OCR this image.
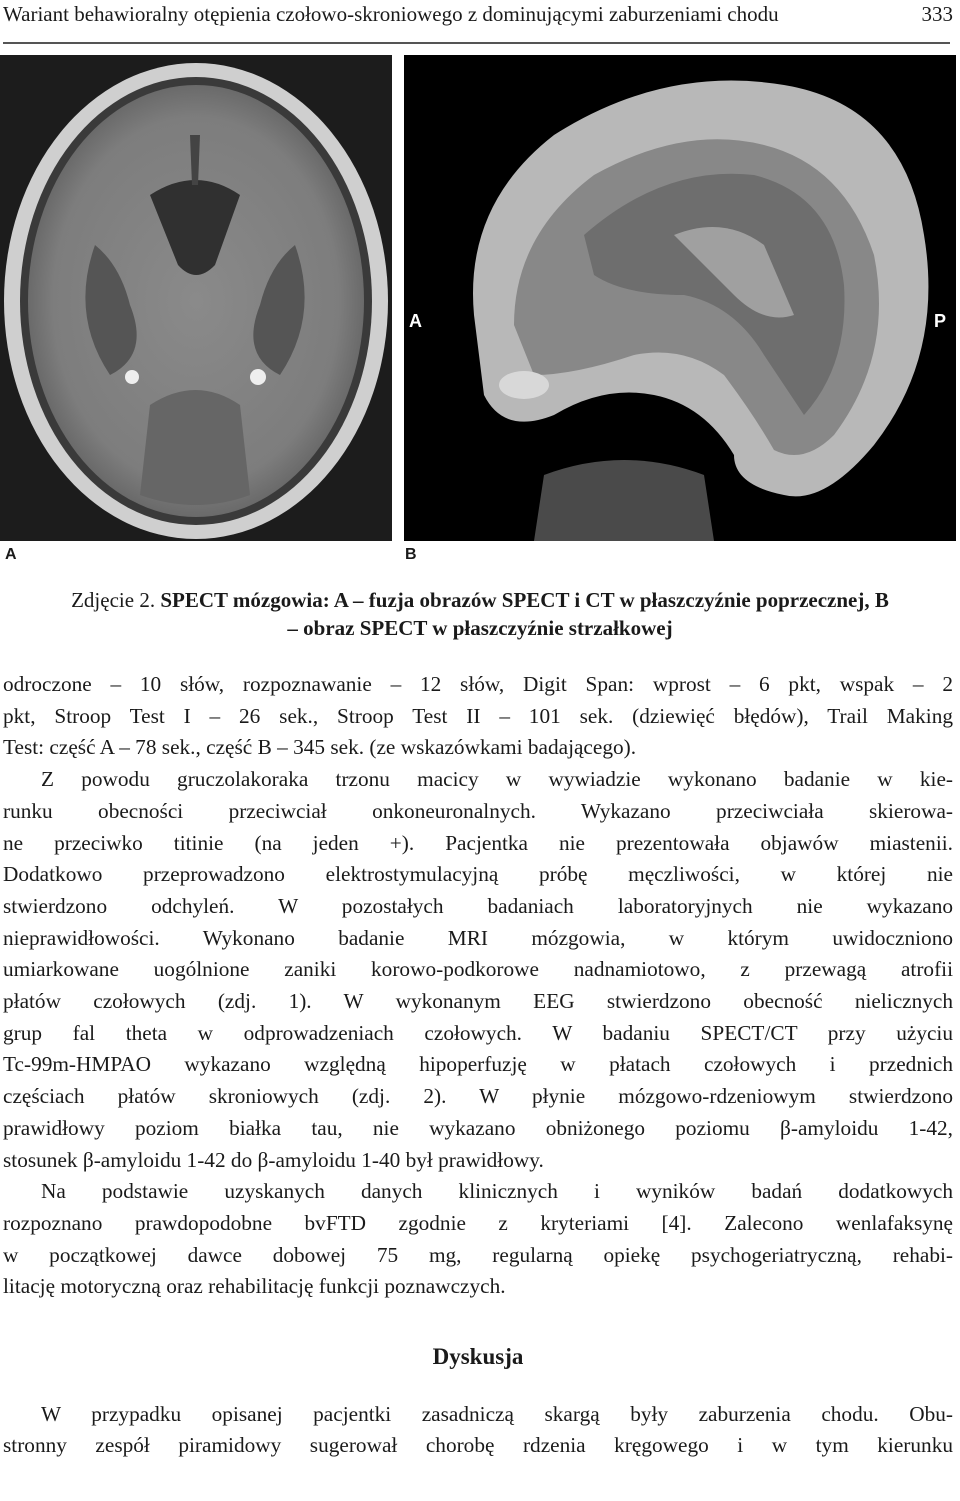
Wariant behawioralny otępienia czołowo-skroniowego z dominującymi zaburzeniami chodu	333
A	P
A	B
Zdjęcie 2. SPECT mózgowia: A – fuzja obrazów SPECT i CT w płaszczyźnie poprzecznej, B
– obraz SPECT w płaszczyźnie strzałkowej
odroczone – 10 słów, rozpoznawanie – 12 słów, Digit Span: wprost – 6 pkt, wspak – 2
pkt, Stroop Test I – 26 sek., Stroop Test II – 101 sek. (dziewięć błędów), Trail Making
Test: część A – 78 sek., część B – 345 sek. (ze wskazówkami badającego).
Z powodu gruczolakoraka trzonu macicy w wywiadzie wykonano badanie w kie-
runku obecności przeciwciał onkoneuronalnych. Wykazano przeciwciała skierowa-
ne przeciwko titinie (na jeden +). Pacjentka nie prezentowała objawów miastenii.
Dodatkowo przeprowadzono elektrostymulacyjną próbę męczliwości, w której nie
stwierdzono odchyleń. W pozostałych badaniach laboratoryjnych nie wykazano
nieprawidłowości. Wykonano badanie MRI mózgowia, w którym uwidoczniono
umiarkowane uogólnione zaniki korowo-podkorowe nadnamiotowo, z przewagą atrofii
płatów czołowych (zdj. 1). W wykonanym EEG stwierdzono obecność nielicznych
grup fal theta w odprowadzeniach czołowych. W badaniu SPECT/CT przy użyciu
Tc-99m-HMPAO wykazano względną hipoperfuzję w płatach czołowych i przednich
częściach płatów skroniowych (zdj. 2). W płynie mózgowo-rdzeniowym stwierdzono
prawidłowy poziom białka tau, nie wykazano obniżonego poziomu β-amyloidu 1-42,
stosunek β-amyloidu 1-42 do β-amyloidu 1-40 był prawidłowy.
Na podstawie uzyskanych danych klinicznych i wyników badań dodatkowych
rozpoznano prawdopodobne bvFTD zgodnie z kryteriami [4]. Zalecono wenlafaksynę
w początkowej dawce dobowej 75 mg, regularną opiekę psychogeriatryczną, rehabi-
litację motoryczną oraz rehabilitację funkcji poznawczych.
Dyskusja
W przypadku opisanej pacjentki zasadniczą skargą były zaburzenia chodu. Obu-
stronny zespół piramidowy sugerował chorobę rdzenia kręgowego i w tym kierunku
